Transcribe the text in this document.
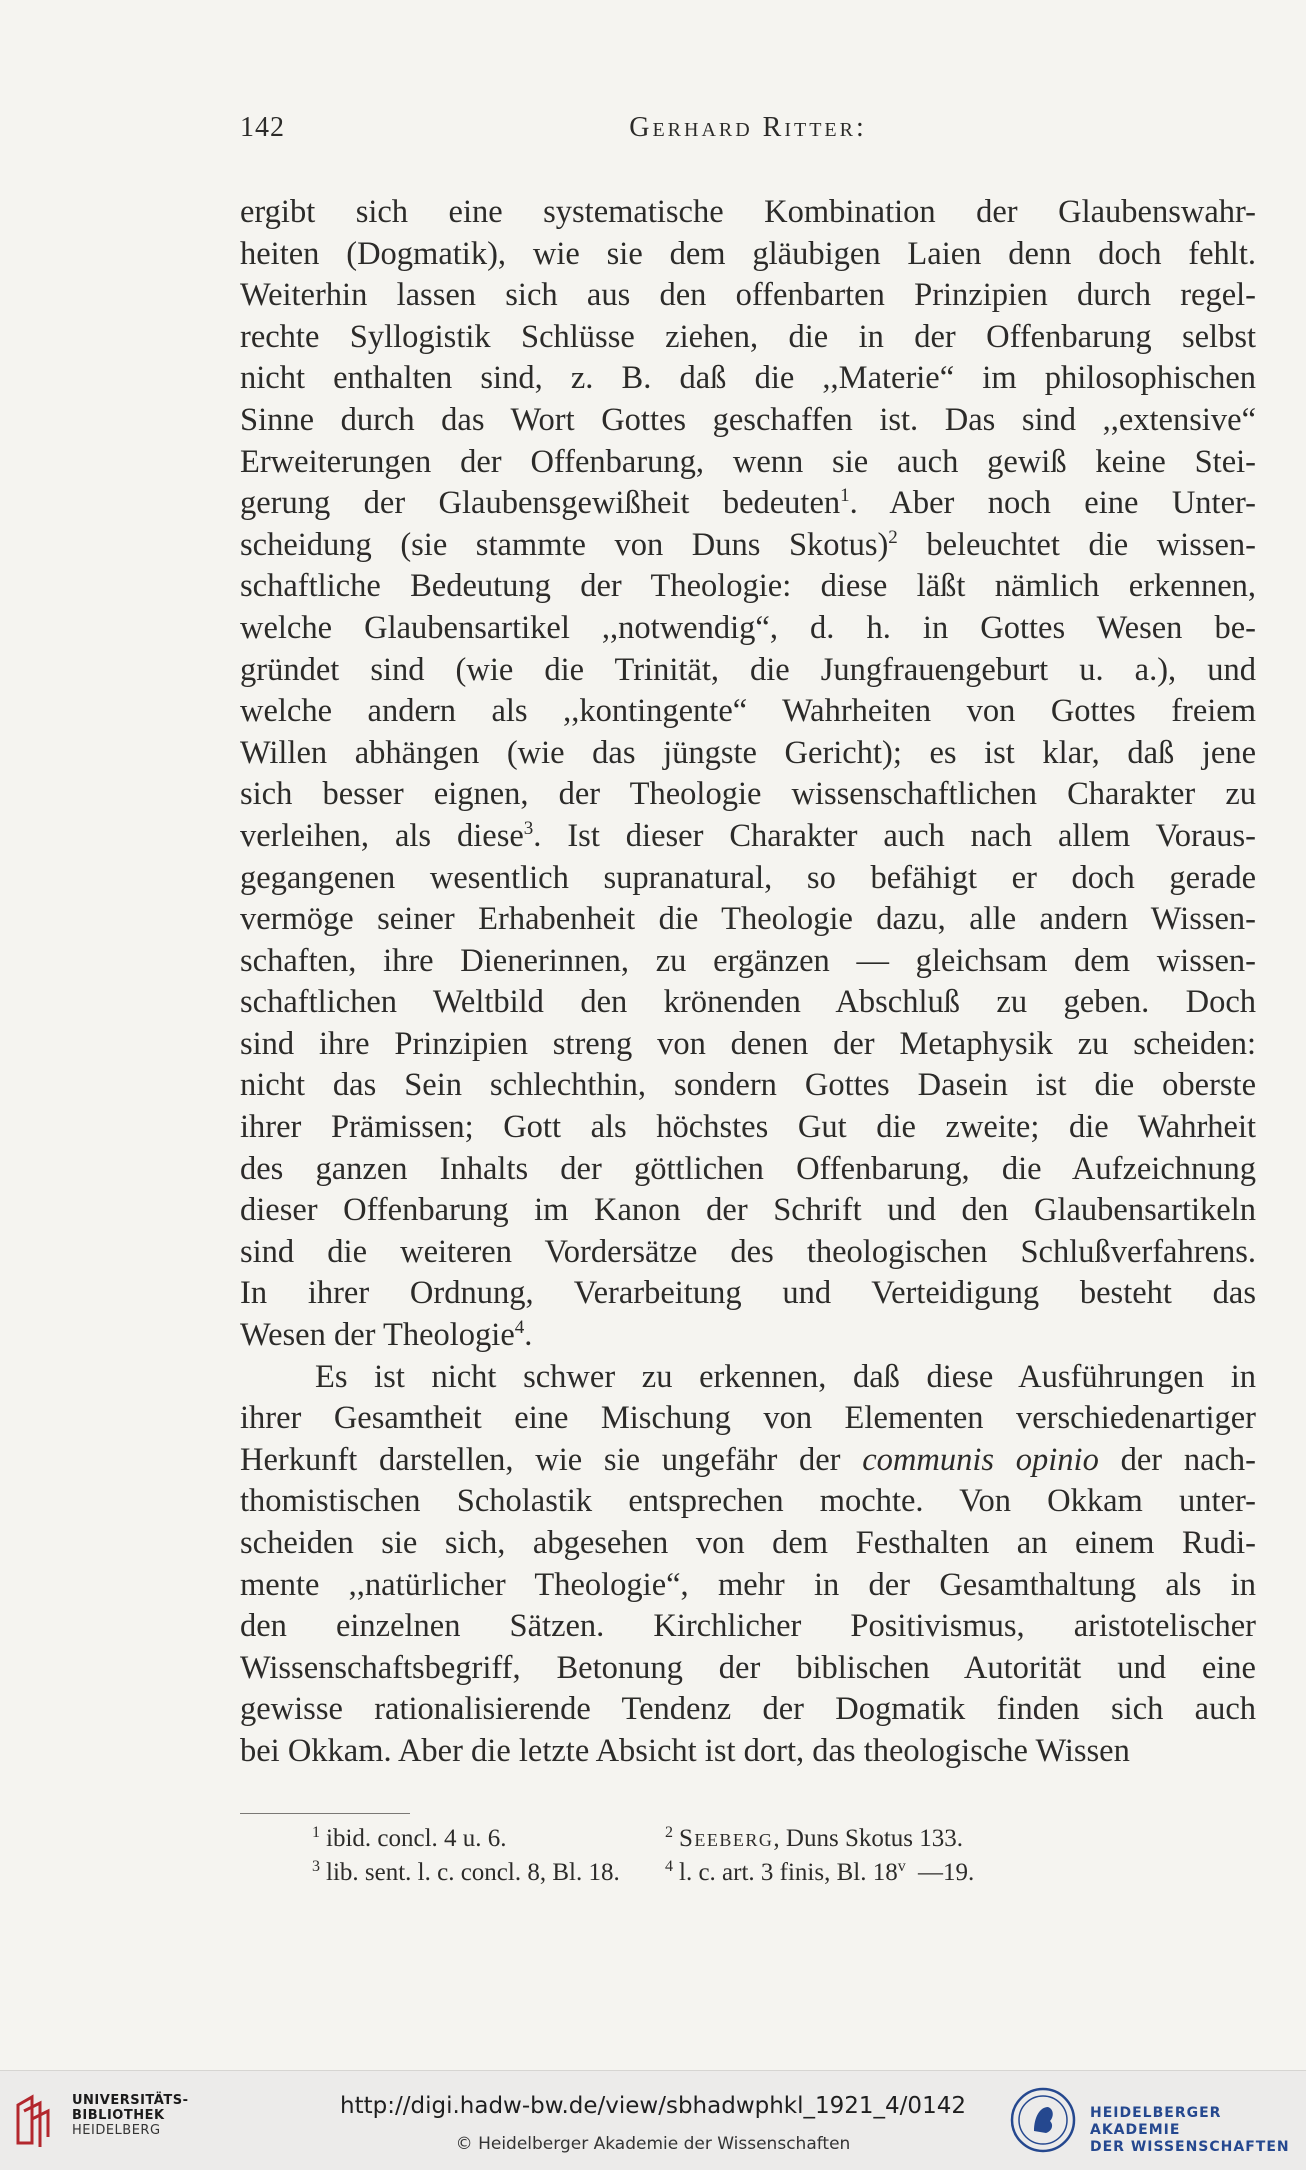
142	Gerhard Ritter:
ergibt sich eine systematische Kombination der Glaubenswahr-
heiten (Dogmatik), wie sie dem gläubigen Laien denn doch fehlt.
Weiterhin lassen sich aus den offenbarten Prinzipien durch regel-
rechte Syllogistik Schlüsse ziehen, die in der Offenbarung selbst
nicht enthalten sind, z. B. daß die ,,Materie“ im philosophischen
Sinne durch das Wort Gottes geschaffen ist. Das sind ,,extensive“
Erweiterungen der Offenbarung, wenn sie auch gewiß keine Stei-
gerung der Glaubensgewißheit bedeuten$^1$. Aber noch eine Unter-
scheidung (sie stammte von Duns Skotus)$^2$ beleuchtet die wissen-
schaftliche Bedeutung der Theologie: diese läßt nämlich erkennen,
welche Glaubensartikel ,,notwendig“, d. h. in Gottes Wesen be-
gründet sind (wie die Trinität, die Jungfrauengeburt u. a.), und
welche andern als ,,kontingente“ Wahrheiten von Gottes freiem
Willen abhängen (wie das jüngste Gericht); es ist klar, daß jene
sich besser eignen, der Theologie wissenschaftlichen Charakter zu
verleihen, als diese$^3$. Ist dieser Charakter auch nach allem Voraus-
gegangenen wesentlich supranatural, so befähigt er doch gerade
vermöge seiner Erhabenheit die Theologie dazu, alle andern Wissen-
schaften, ihre Dienerinnen, zu ergänzen — gleichsam dem wissen-
schaftlichen Weltbild den krönenden Abschluß zu geben. Doch
sind ihre Prinzipien streng von denen der Metaphysik zu scheiden:
nicht das Sein schlechthin, sondern Gottes Dasein ist die oberste
ihrer Prämissen; Gott als höchstes Gut die zweite; die Wahrheit
des ganzen Inhalts der göttlichen Offenbarung, die Aufzeichnung
dieser Offenbarung im Kanon der Schrift und den Glaubensartikeln
sind die weiteren Vordersätze des theologischen Schlußverfahrens.
In ihrer Ordnung, Verarbeitung und Verteidigung besteht das
Wesen der Theologie$^4$.
Es ist nicht schwer zu erkennen, daß diese Ausführungen in
ihrer Gesamtheit eine Mischung von Elementen verschiedenartiger
Herkunft darstellen, wie sie ungefähr der communis opinio der nach-
thomistischen Scholastik entsprechen mochte. Von Okkam unter-
scheiden sie sich, abgesehen von dem Festhalten an einem Rudi-
mente ,,natürlicher Theologie“, mehr in der Gesamthaltung als in
den einzelnen Sätzen. Kirchlicher Positivismus, aristotelischer
Wissenschaftsbegriff, Betonung der biblischen Autorität und eine
gewisse rationalisierende Tendenz der Dogmatik finden sich auch
bei Okkam. Aber die letzte Absicht ist dort, das theologische Wissen
$^1$ ibid. concl. 4 u. 6.	$^2$ Seeberg, Duns Skotus 133.
$^3$ lib. sent. l. c. concl. 8, Bl. 18.	$^4$ l. c. art. 3 finis, Bl. 18$^v$ —19.
UNIVERSITÄTS-
BIBLIOTHEK
HEIDELBERG
http://digi.hadw-bw.de/view/sbhadwphkl_1921_4/0142
© Heidelberger Akademie der Wissenschaften
HEIDELBERGER AKADEMIE
DER WISSENSCHAFTEN
